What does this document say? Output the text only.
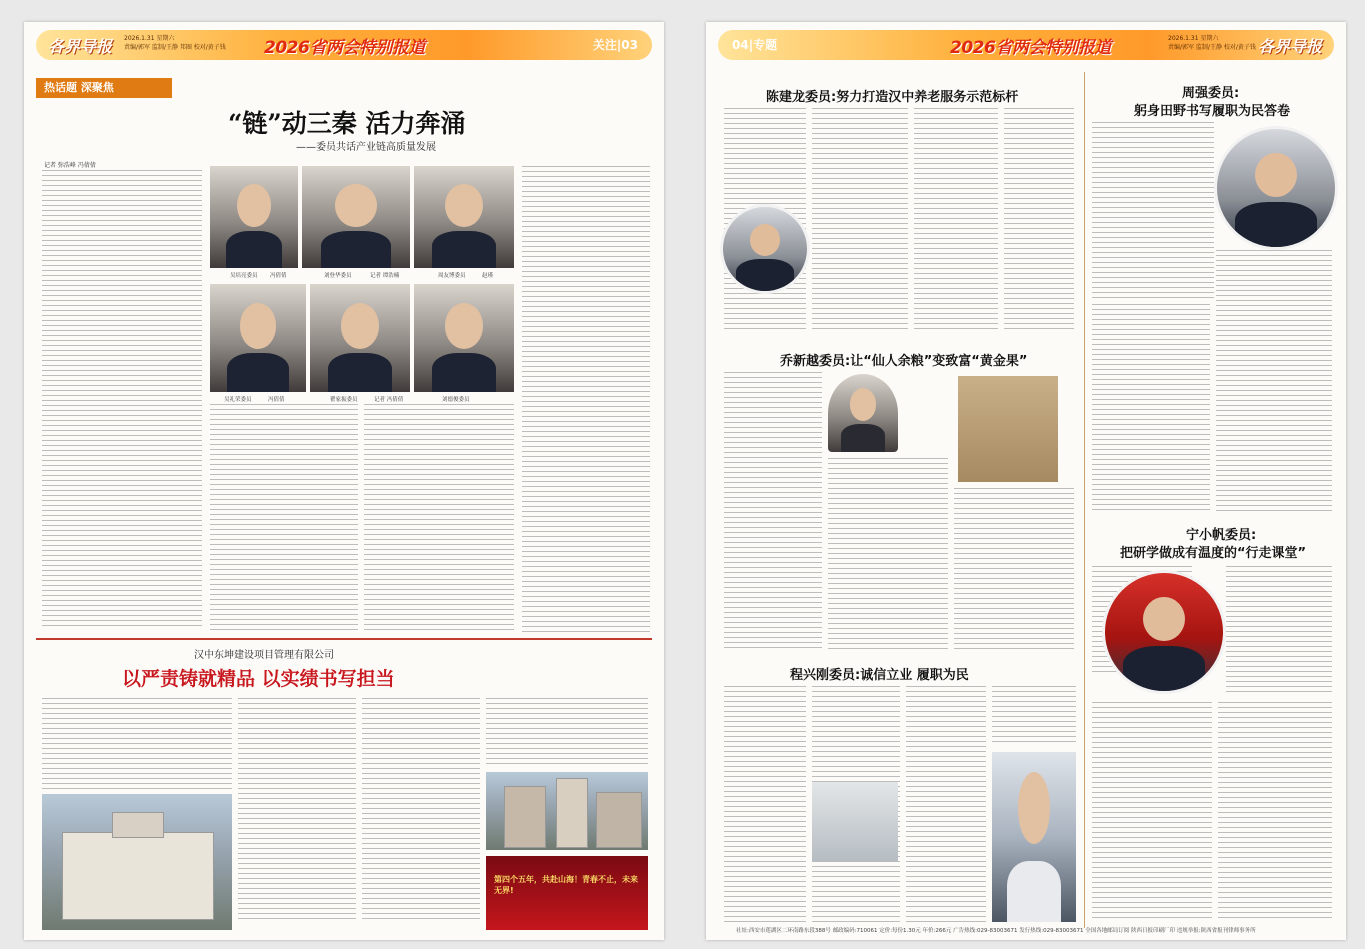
各界导报 2026.1.31 星期六
责编/郭军 监制/王静 邦圈 校对/黄子钱 2026省两会特别报道	关注|03
热话题 深聚焦
“链”动三秦 活力奔涌
——委员共话产业链高质量发展
记者 弥浩峰 冯倩倩
吴培亮委员 冯倩倩	刘登华委员	记者 谭浩楠	周友博委员	赵瑾
吴礼荣委员	冯倩倩	瞿家振委员	记者 冯倩倩	刘德俊委员
汉中东坤建设项目管理有限公司
以严责铸就精品 以实绩书写担当
第四个五年，共赴山海！青春不止，未来无界!
04|专题	2026省两会特别报道	2026.1.31 星期六
责编/郭军 监制/王静 校对/黄子钱 各界导报
陈建龙委员:努力打造汉中养老服务示范标杆
乔新越委员:让“仙人余粮”变致富“黄金果”
程兴刚委员:诚信立业 履职为民
周强委员:
躬身田野书写履职为民答卷
宁小帆委员:
把研学做成有温度的“行走课堂”
社址:西安市莲湖区二环南路东段388号 邮政编码:710061 定价:每份1.30元 年价:266元 广告热线:029-83003671 发行热线:029-83003671 全国各地邮局订阅 陕西日报印刷厂印 违规举报:陕西省报刊律师事务所
